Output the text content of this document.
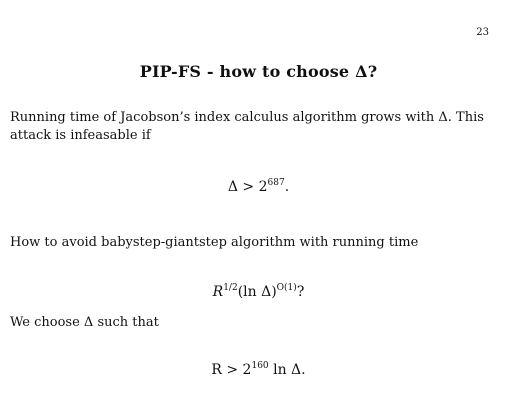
23
PIP-FS - how to choose Δ?
Running time of Jacobson’s index calculus algorithm grows with Δ. This attack is infeasable if
$\Delta > 2^{687}$.
How to avoid babystep-giantstep algorithm with running time
$R^{1/2}(\ln$ Δ)$^{O(1)}$?
We choose Δ such that
$R > 2^{160}$ ln Δ.
